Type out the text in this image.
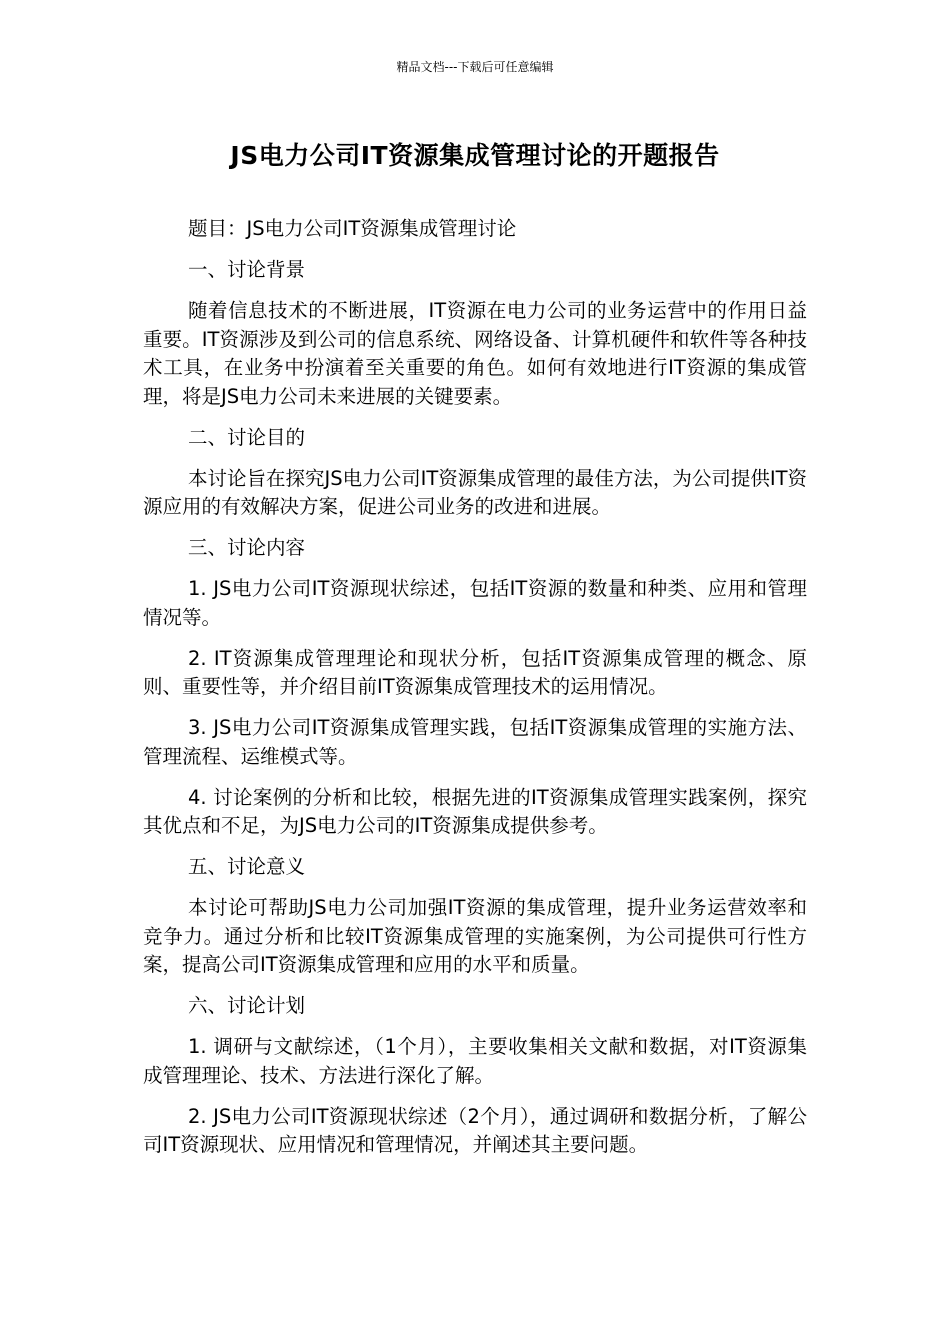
精品文档---下载后可任意编辑
JS电力公司IT资源集成管理讨论的开题报告

题目：JS电力公司IT资源集成管理讨论

一、讨论背景

随着信息技术的不断进展，IT资源在电力公司的业务运营中的作用日益重要。IT资源涉及到公司的信息系统、网络设备、计算机硬件和软件等各种技术工具，在业务中扮演着至关重要的角色。如何有效地进行IT资源的集成管理，将是JS电力公司未来进展的关键要素。

二、讨论目的

本讨论旨在探究JS电力公司IT资源集成管理的最佳方法，为公司提供IT资源应用的有效解决方案，促进公司业务的改进和进展。

三、讨论内容

1. JS电力公司IT资源现状综述，包括IT资源的数量和种类、应用和管理情况等。

2. IT资源集成管理理论和现状分析，包括IT资源集成管理的概念、原则、重要性等，并介绍目前IT资源集成管理技术的运用情况。

3. JS电力公司IT资源集成管理实践，包括IT资源集成管理的实施方法、管理流程、运维模式等。

4. 讨论案例的分析和比较，根据先进的IT资源集成管理实践案例，探究其优点和不足，为JS电力公司的IT资源集成提供参考。

五、讨论意义

本讨论可帮助JS电力公司加强IT资源的集成管理，提升业务运营效率和竞争力。通过分析和比较IT资源集成管理的实施案例，为公司提供可行性方案，提高公司IT资源集成管理和应用的水平和质量。

六、讨论计划

1. 调研与文献综述，（1个月），主要收集相关文献和数据，对IT资源集成管理理论、技术、方法进行深化了解。

2. JS电力公司IT资源现状综述（2个月），通过调研和数据分析，了解公司IT资源现状、应用情况和管理情况，并阐述其主要问题。
